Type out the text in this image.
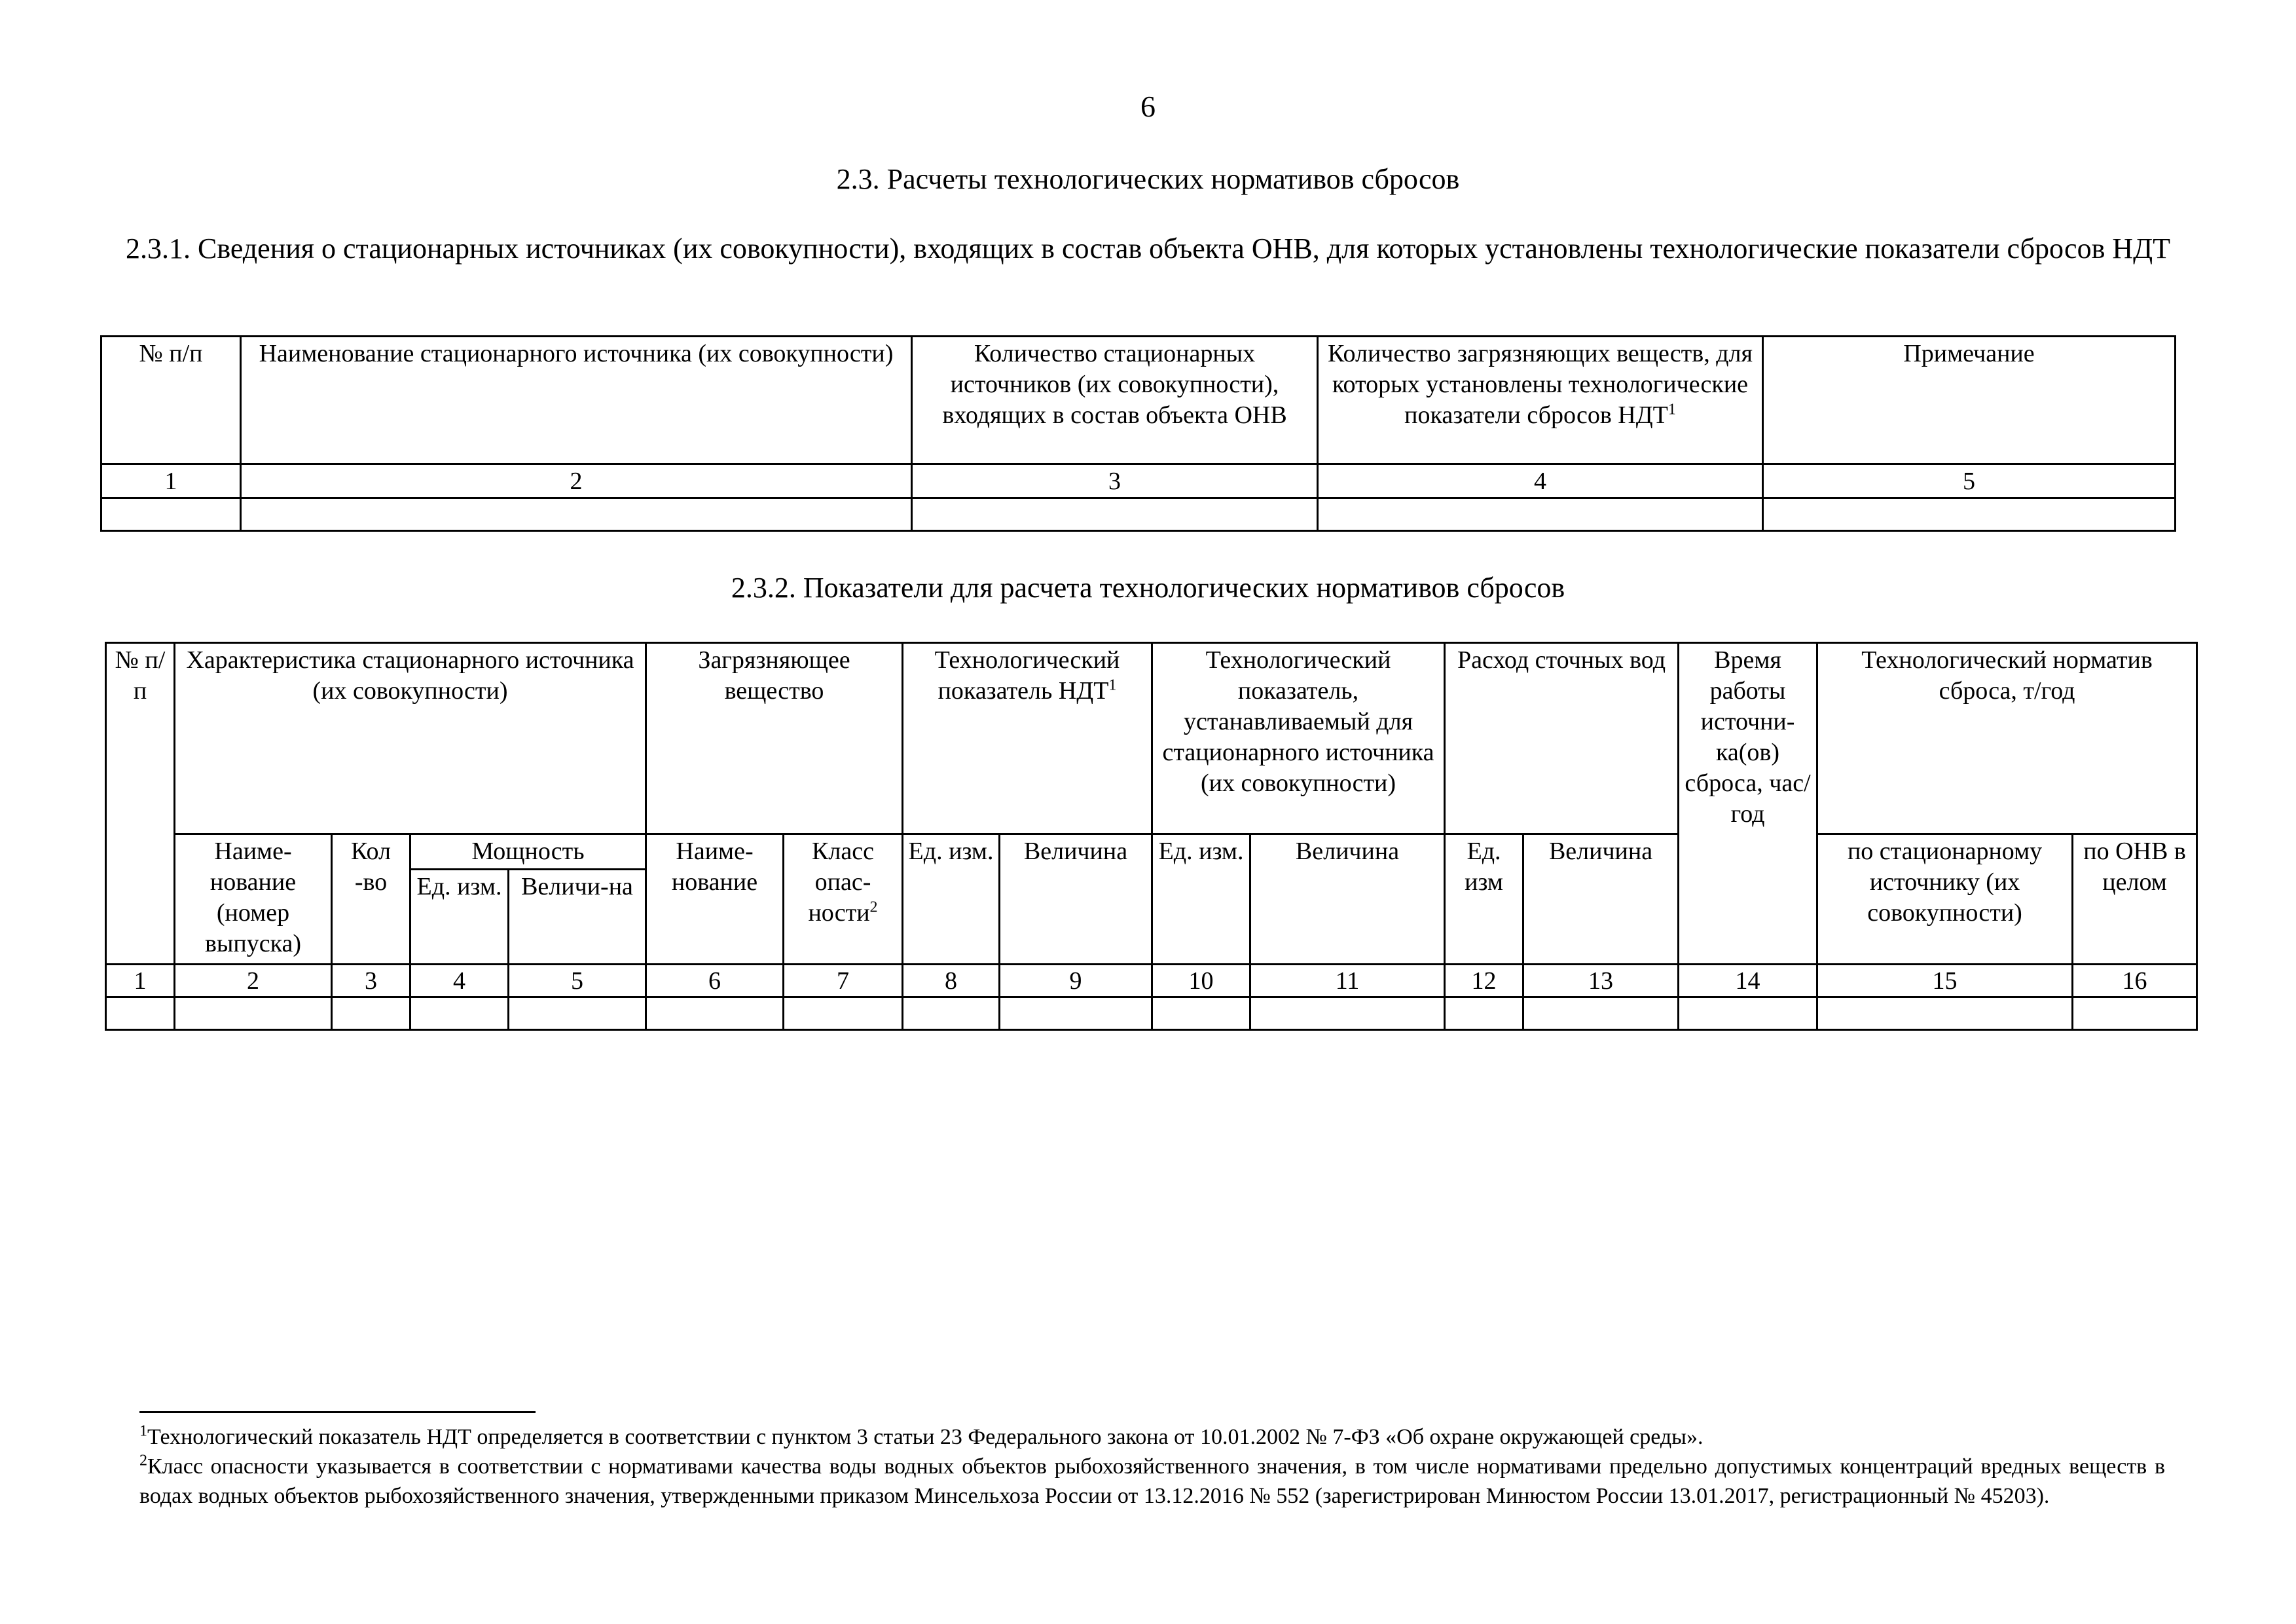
6
2.3. Расчеты технологических нормативов сбросов
2.3.1. Сведения о стационарных источниках (их совокупности), входящих в состав объекта ОНВ, для которых установлены технологические показатели сбросов НДТ
№ п/п	Наименование стационарного источника (их совокупности)	Количество стационарных источников (их совокупности), входящих в состав объекта ОНВ	Количество загрязняющих веществ, для которых установлены технологические показатели сбросов НДТ$^1$	Примечание
1	2	3	4	5

2.3.2. Показатели для расчета технологических нормативов сбросов
№ п/п	Характеристика стационарного источника (их совокупности)				Загрязняющее вещество		Технологический показатель НДТ$^1$		Технологический показатель, устанавливаемый для стационарного источника (их совокупности)		Расход сточных вод		Время работы источни-ка(ов) сброса, час/год	Технологический норматив сброса, т/год	
	Наиме-нование (номер выпуска)	Кол -во	Мощность		Наиме-нование	Класс опас-ности$^2$	Ед. изм.	Величина	Ед. изм.	Величина	Ед. изм	Величина		по стационарному источнику (их совокупности)	по ОНВ в целом
			Ед. изм.	Величи-на											
1	2	3	4	5	6	7	8	9	10	11	12	13	14	15	16

$^1$Технологический показатель НДТ определяется в соответствии с пунктом 3 статьи 23 Федерального закона от 10.01.2002 № 7-ФЗ «Об охране окружающей среды».

$^2$Класс опасности указывается в соответствии с нормативами качества воды водных объектов рыбохозяйственного значения, в том числе нормативами предельно допустимых концентраций вредных веществ в водах водных объектов рыбохозяйственного значения, утвержденными приказом Минсельхоза России от 13.12.2016 № 552 (зарегистрирован Минюстом России 13.01.2017, регистрационный № 45203).
